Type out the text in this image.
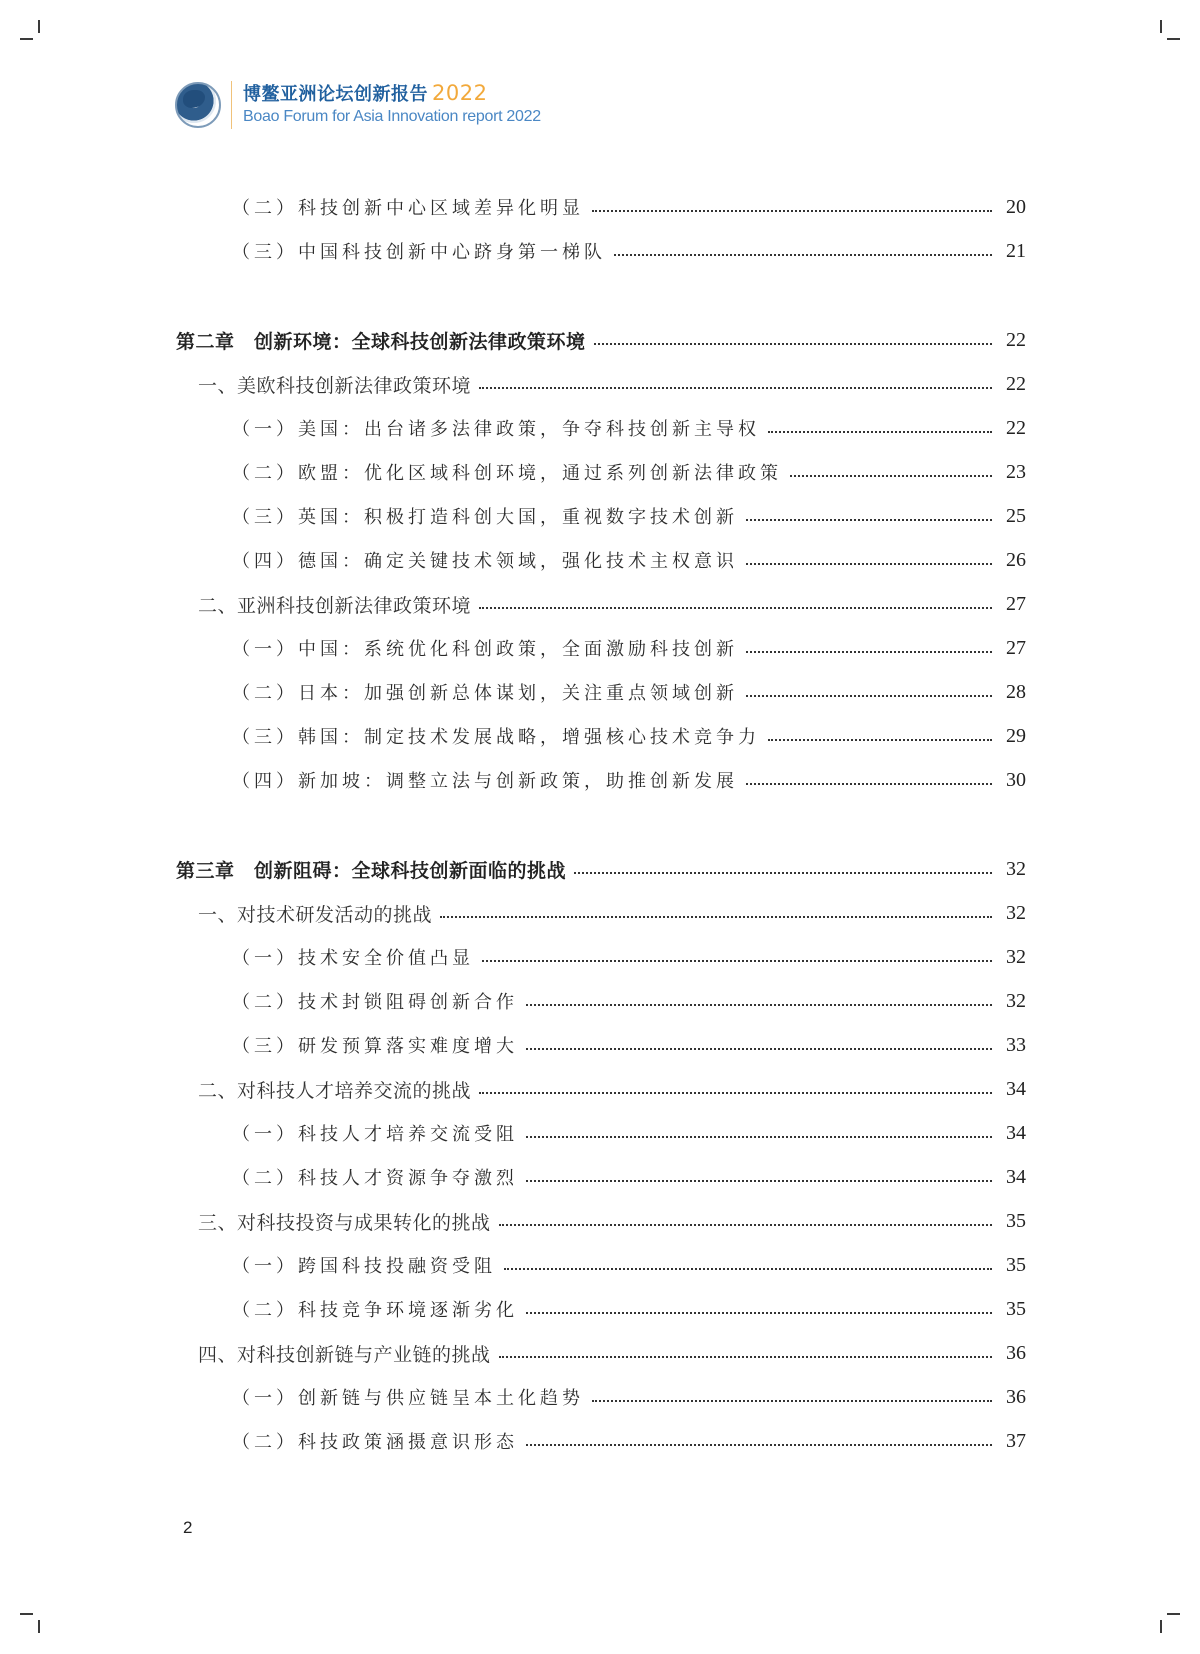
博鳌亚洲论坛创新报告 2022
Boao Forum for Asia Innovation report 2022
（二）科技创新中心区域差异化明显	20
（三）中国科技创新中心跻身第一梯队	21
第二章　创新环境：全球科技创新法律政策环境	22
一、美欧科技创新法律政策环境	22
（一）美国：出台诸多法律政策，争夺科技创新主导权	22
（二）欧盟：优化区域科创环境，通过系列创新法律政策	23
（三）英国：积极打造科创大国，重视数字技术创新	25
（四）德国：确定关键技术领域，强化技术主权意识	26
二、亚洲科技创新法律政策环境	27
（一）中国：系统优化科创政策，全面激励科技创新	27
（二）日本：加强创新总体谋划，关注重点领域创新	28
（三）韩国：制定技术发展战略，增强核心技术竞争力	29
（四）新加坡：调整立法与创新政策，助推创新发展	30
第三章　创新阻碍：全球科技创新面临的挑战	32
一、对技术研发活动的挑战	32
（一）技术安全价值凸显	32
（二）技术封锁阻碍创新合作	32
（三）研发预算落实难度增大	33
二、对科技人才培养交流的挑战	34
（一）科技人才培养交流受阻	34
（二）科技人才资源争夺激烈	34
三、对科技投资与成果转化的挑战	35
（一）跨国科技投融资受阻	35
（二）科技竞争环境逐渐劣化	35
四、对科技创新链与产业链的挑战	36
（一）创新链与供应链呈本土化趋势	36
（二）科技政策涵摄意识形态	37
2
